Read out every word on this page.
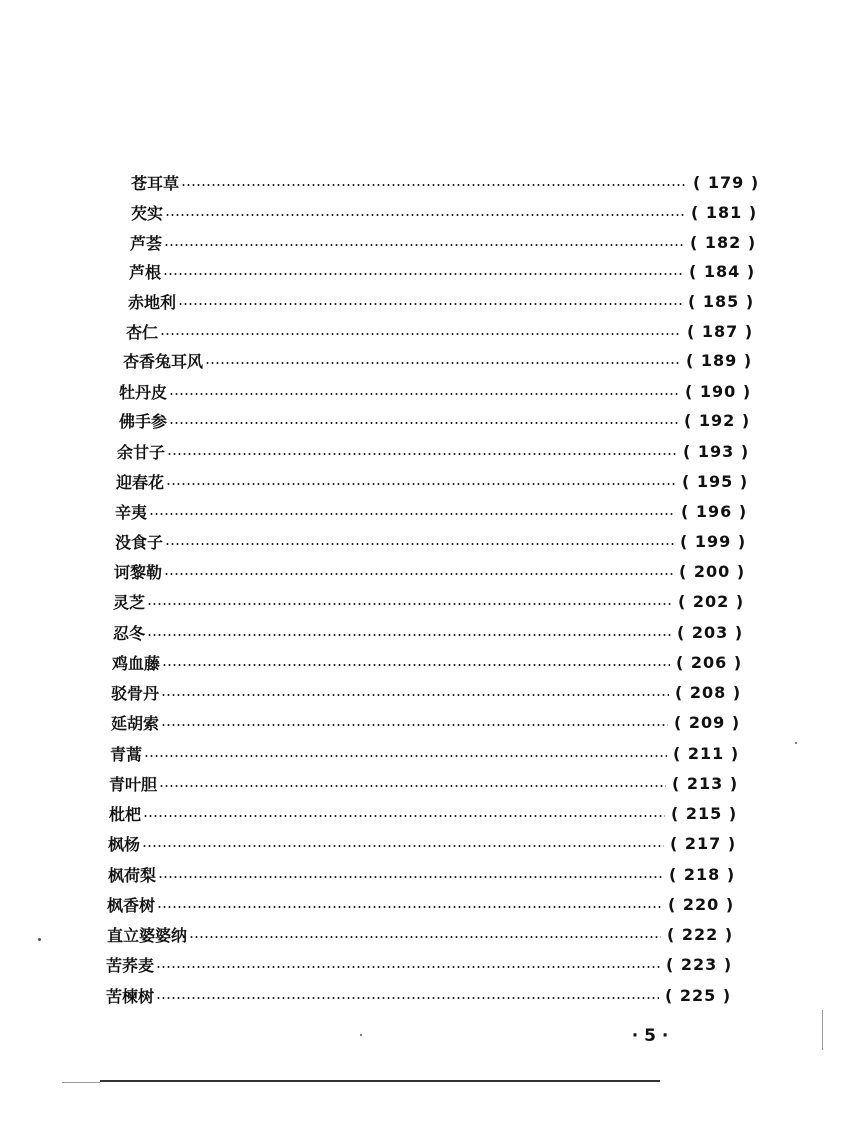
苍耳草	( 179 )
芡实	( 181 )
芦荟	( 182 )
芦根	( 184 )
赤地利	( 185 )
杏仁	( 187 )
杏香兔耳风	( 189 )
牡丹皮	( 190 )
佛手参	( 192 )
余甘子	( 193 )
迎春花	( 195 )
辛夷	( 196 )
没食子	( 199 )
诃黎勒	( 200 )
灵芝	( 202 )
忍冬	( 203 )
鸡血藤	( 206 )
驳骨丹	( 208 )
延胡索	( 209 )
青蒿	( 211 )
青叶胆	( 213 )
枇杷	( 215 )
枫杨	( 217 )
枫荷梨	( 218 )
枫香树	( 220 )
直立婆婆纳	( 222 )
苦荞麦	( 223 )
苦楝树	( 225 )
· 5 ·
